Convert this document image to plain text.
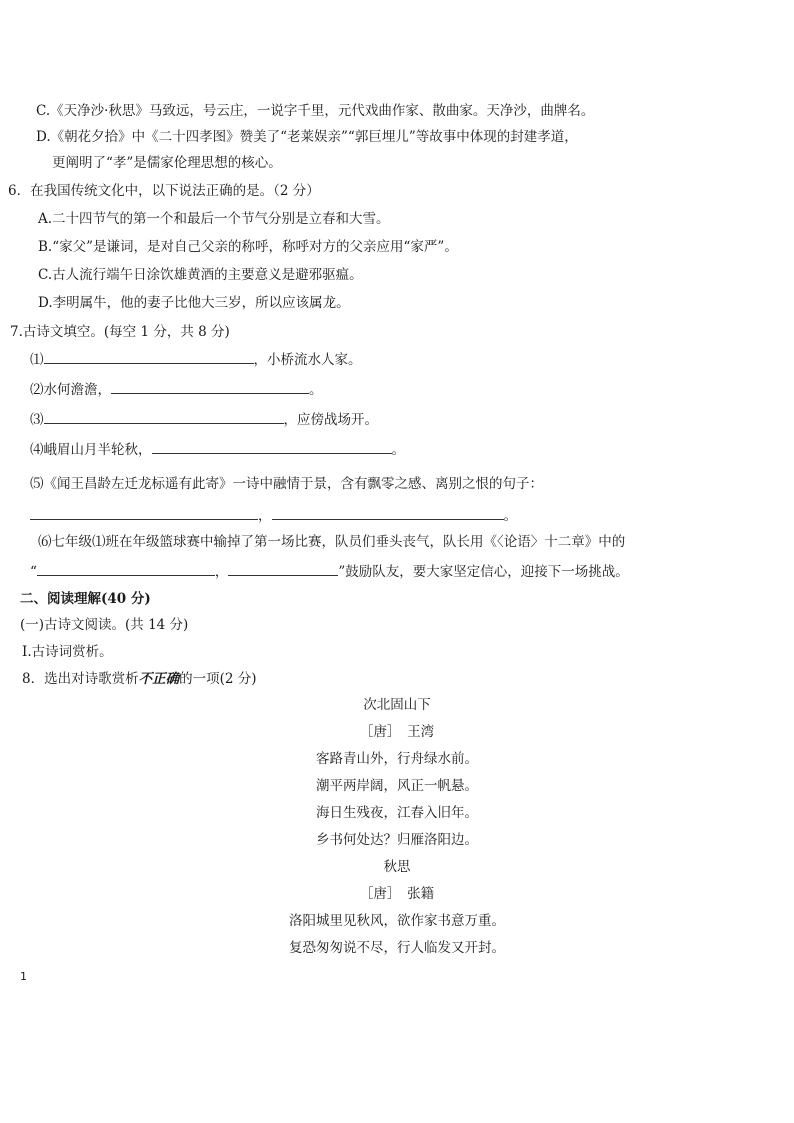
C.《天净沙·秋思》马致远，号云庄，一说字千里，元代戏曲作家、散曲家。天净沙，曲牌名。
D.《朝花夕拾》中《二十四孝图》赞美了“老莱娱亲”“郭巨埋儿”等故事中体现的封建孝道，
更阐明了“孝”是儒家伦理思想的核心。
6．在我国传统文化中，以下说法正确的是。（2 分）
A.二十四节气的第一个和最后一个节气分别是立春和大雪。
B.“家父”是谦词，是对自己父亲的称呼，称呼对方的父亲应用“家严”。
C.古人流行端午日涂饮雄黄酒的主要意义是避邪驱瘟。
D.李明属牛，他的妻子比他大三岁，所以应该属龙。
7.古诗文填空。(每空 1 分，共 8 分)
⑴	，小桥流水人家。
⑵水何澹澹，	。
⑶	，应傍战场开。
⑷峨眉山月半轮秋，	。
⑸《闻王昌龄左迁龙标遥有此寄》一诗中融情于景，含有飘零之感、离别之恨的句子：
，	。
⑹七年级⑴班在年级篮球赛中输掉了第一场比赛，队员们垂头丧气，队长用《〈论语〉十二章》中的
“	，	”鼓励队友，要大家坚定信心，迎接下一场挑战。
二、阅读理解(40 分)
(一)古诗文阅读。(共 14 分)
I.古诗词赏析。
8．选出对诗歌赏析不正确的一项(2 分)
次北固山下
［唐］　王湾
客路青山外，行舟绿水前。
潮平两岸阔，风正一帆悬。
海日生残夜，江春入旧年。
乡书何处达？归雁洛阳边。
秋思
［唐］　张籍
洛阳城里见秋风，欲作家书意万重。
复恐匆匆说不尽，行人临发又开封。
1
